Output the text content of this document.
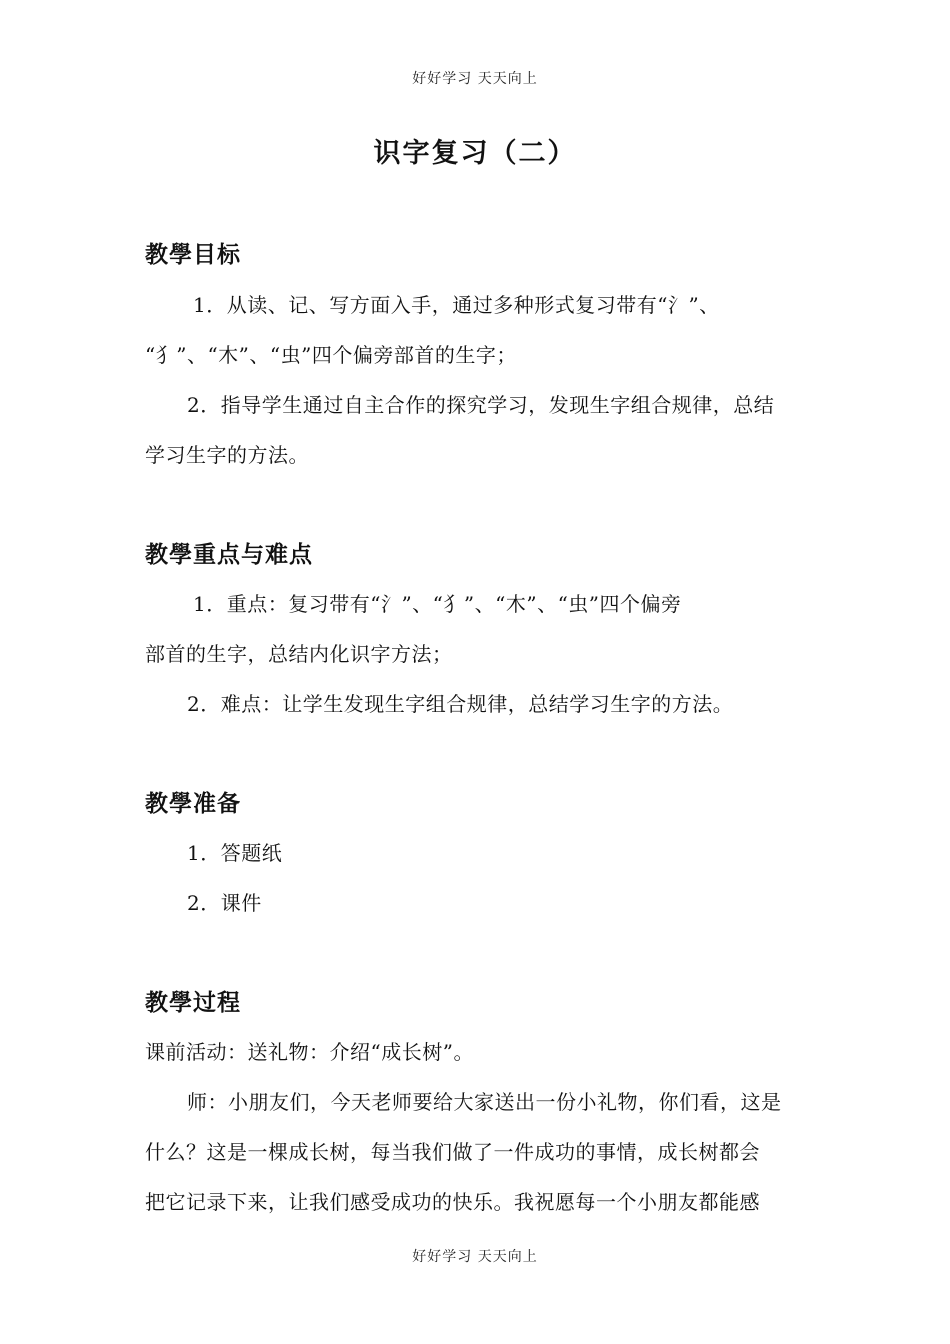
好好学习 天天向上
识字复习（二）
教學目标
1．从读、记、写方面入手，通过多种形式复习带有“氵”、
“犭”、“木”、“虫”四个偏旁部首的生字；
2．指导学生通过自主合作的探究学习，发现生字组合规律，总结
学习生字的方法。
教學重点与难点
1．重点：复习带有“氵”、“犭”、“木”、“虫”四个偏旁
部首的生字，总结内化识字方法；
2．难点：让学生发现生字组合规律，总结学习生字的方法。
教學准备
1．答题纸
2．课件
教學过程
课前活动：送礼物：介绍“成长树”。
师：小朋友们，今天老师要给大家送出一份小礼物，你们看，这是
什么？这是一棵成长树，每当我们做了一件成功的事情，成长树都会
把它记录下来，让我们感受成功的快乐。我祝愿每一个小朋友都能感
好好学习 天天向上
